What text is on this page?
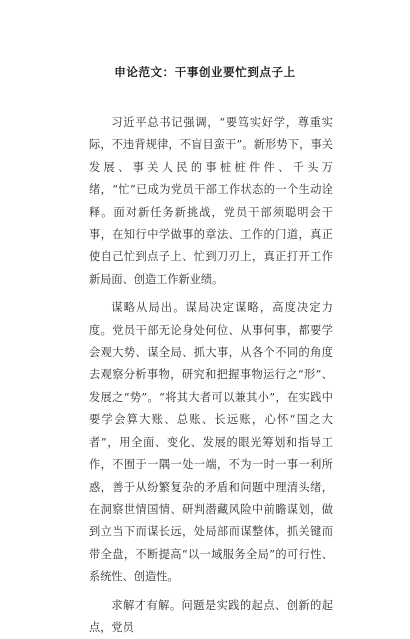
申论范文：干事创业要忙到点子上

习近平总书记强调，“要笃实好学，尊重实际，不违背规律，不盲目蛮干”。新形势下，事关发展、事关人民的事桩桩件件、千头万绪，“忙”已成为党员干部工作状态的一个生动诠释。面对新任务新挑战，党员干部须聪明会干事，在知行中学做事的章法、工作的门道，真正使自己忙到点子上、忙到刀刃上，真正打开工作新局面、创造工作新业绩。

谋略从局出。谋局决定谋略，高度决定力度。党员干部无论身处何位、从事何事，都要学会观大势、谋全局、抓大事，从各个不同的角度去观察分析事物，研究和把握事物运行之“形”、发展之“势”。“将其大者可以兼其小”，在实践中要学会算大账、总账、长远账，心怀“国之大者”，用全面、变化、发展的眼光筹划和指导工作，不囿于一隅一处一端，不为一时一事一利所惑，善于从纷繁复杂的矛盾和问题中理清头绪，在洞察世情国情、研判潜藏风险中前瞻谋划，做到立当下而谋长远，处局部而谋整体，抓关键而带全盘，不断提高“以一域服务全局”的可行性、系统性、创造性。

求解才有解。问题是实践的起点、创新的起点，党员
